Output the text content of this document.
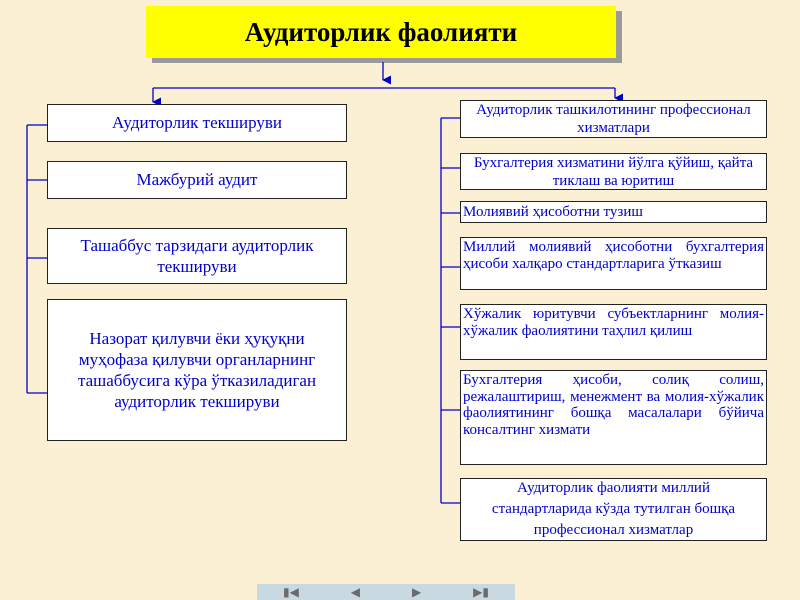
Аудиторлик фаолияти
Аудиторлик текшируви
Мажбурий аудит
Ташаббус тарзидаги аудиторлик текшируви
Назорат қилувчи ёки ҳуқуқни муҳофаза қилувчи органларнинг ташаббусига кўра ўтказиладиган аудиторлик текшируви
Аудиторлик ташкилотининг профессионал хизматлари
Бухгалтерия хизматини йўлга қўйиш, қайта тиклаш ва юритиш
Молиявий ҳисоботни тузиш
Миллий молиявий ҳисоботни бухгалтерия ҳисоби халқаро стандартларига ўтказиш
Хўжалик юритувчи субъектларнинг молия-хўжалик фаолиятини таҳлил қилиш
Бухгалтерия ҳисоби, солиқ солиш, режалаштириш, менежмент ва молия-хўжалик фаолиятининг бошқа масалалари бўйича консалтинг хизмати
Аудиторлик фаолияти миллий стандартларида кўзда тутилган бошқа профессионал хизматлар
▮◀	◀	▶	▶▮
